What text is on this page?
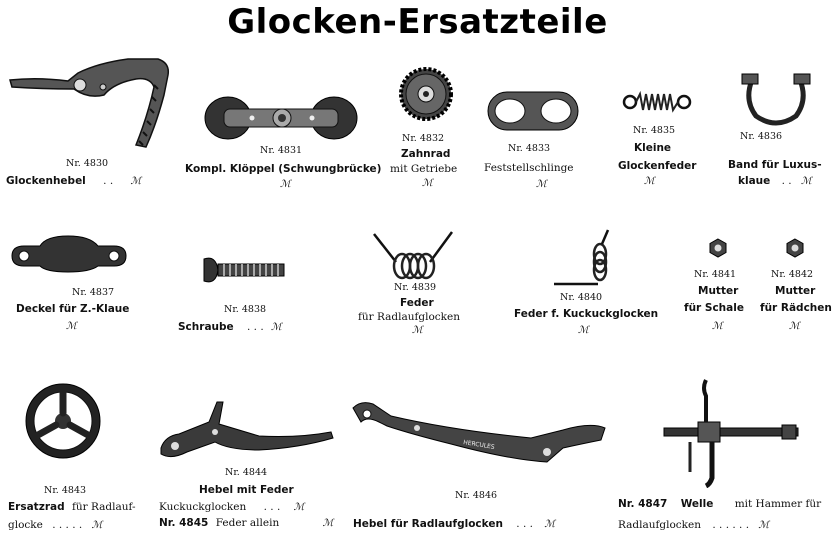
Glocken-Ersatzteile
Nr. 4830
Glockenhebel . . ℳ
Nr. 4831
Kompl. Klöppel (Schwungbrücke)
ℳ
Nr. 4832
Zahnrad
mit Getriebe
ℳ
Nr. 4833
Feststellschlinge
ℳ
Nr. 4835
Kleine
Glockenfeder
ℳ
Nr. 4836
Band für Luxus-
klaue . . ℳ
Nr. 4837
Deckel für Z.-Klaue
ℳ
Nr. 4838
Schraube . . . ℳ
Nr. 4839
Feder
für Radlaufglocken
ℳ
Nr. 4840
Feder f. Kuckuckglocken
ℳ
Nr. 4841
Mutter
für Schale
ℳ
Nr. 4842
Mutter
für Rädchen
ℳ
Nr. 4843
Ersatzrad für Radlauf-
glocke . . . . . ℳ
Nr. 4844
Hebel mit Feder
Kuckuckglocken . . . ℳ
Nr. 4845 Feder allein	ℳ
HERCULES
Nr. 4846
Hebel für Radlaufglocken . . . ℳ
Nr. 4847 Welle mit Hammer für
Radlaufglocken . . . . . . ℳ
